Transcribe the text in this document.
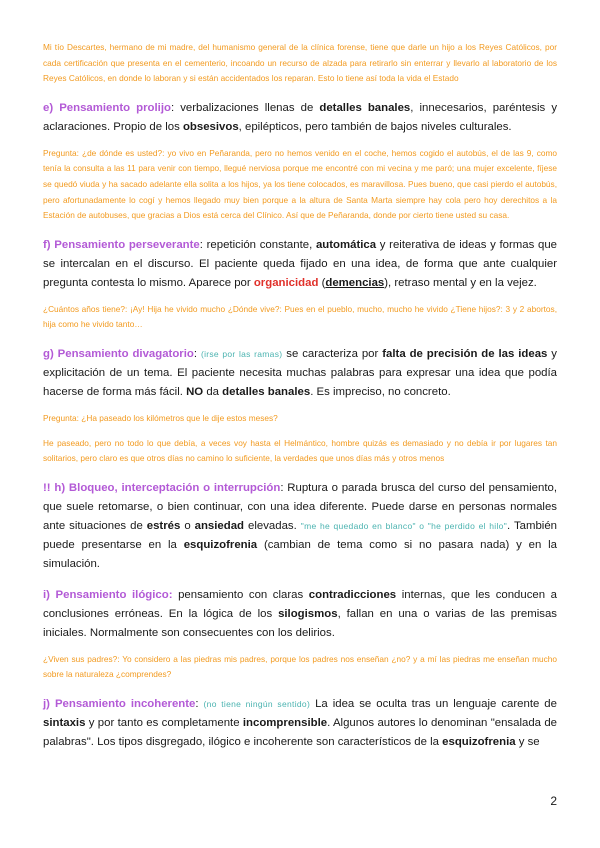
Mi tío Descartes, hermano de mi madre, del humanismo general de la clínica forense, tiene que darle un hijo a los Reyes Católicos, por cada certificación que presenta en el cementerio, incoando un recurso de alzada para retirarlo sin enterrar y llevarlo al laboratorio de los Reyes Católicos, en donde lo laboran y si están accidentados los reparan. Esto lo tiene así toda la vida el Estado

e) Pensamiento prolijo: verbalizaciones llenas de detalles banales, innecesarios, paréntesis y aclaraciones. Propio de los obsesivos, epilépticos, pero también de bajos niveles culturales.

Pregunta: ¿de dónde es usted?: yo vivo en Peñaranda, pero no hemos venido en el coche, hemos cogido el autobús, el de las 9, como tenía la consulta a las 11 para venir con tiempo, llegué nerviosa porque me encontré con mi vecina y me paró; una mujer excelente, fíjese se quedó viuda y ha sacado adelante ella solita a los hijos, ya los tiene colocados, es maravillosa. Pues bueno, que casi pierdo el autobús, pero afortunadamente lo cogí y hemos llegado muy bien porque a la altura de Santa Marta siempre hay cola pero hoy derechitos a la Estación de autobuses, que gracias a Dios está cerca del Clínico. Así que de Peñaranda, donde por cierto tiene usted su casa.

f) Pensamiento perseverante: repetición constante, automática y reiterativa de ideas y formas que se intercalan en el discurso. El paciente queda fijado en una idea, de forma que ante cualquier pregunta contesta lo mismo. Aparece por organicidad (demencias), retraso mental y en la vejez.

¿Cuántos años tiene?: ¡Ay! Hija he vivido mucho ¿Dónde vive?: Pues en el pueblo, mucho, mucho he vivido ¿Tiene hijos?: 3 y 2 abortos, hija como he vivido tanto…

g) Pensamiento divagatorio: (irse por las ramas) se caracteriza por falta de precisión de las ideas y explicitación de un tema. El paciente necesita muchas palabras para expresar una idea que podía hacerse de forma más fácil. NO da detalles banales. Es impreciso, no concreto.

Pregunta: ¿Ha paseado los kilómetros que le dije estos meses?

He paseado, pero no todo lo que debía, a veces voy hasta el Helmántico, hombre quizás es demasiado y no debía ir por lugares tan solitarios, pero claro es que otros días no camino lo suficiente, la verdades que unos días más y otros menos

!! h) Bloqueo, interceptación o interrupción: Ruptura o parada brusca del curso del pensamiento, que suele retomarse, o bien continuar, con una idea diferente. Puede darse en personas normales ante situaciones de estrés o ansiedad elevadas. "me he quedado en blanco" o "he perdido el hilo". También puede presentarse en la esquizofrenia (cambian de tema como si no pasara nada) y en la simulación.

i) Pensamiento ilógico: pensamiento con claras contradicciones internas, que les conducen a conclusiones erróneas. En la lógica de los silogismos, fallan en una o varias de las premisas iniciales. Normalmente son consecuentes con los delirios.

¿Viven sus padres?: Yo considero a las piedras mis padres, porque los padres nos enseñan ¿no? y a mí las piedras me enseñan mucho sobre la naturaleza ¿comprendes?

j) Pensamiento incoherente: (no tiene ningún sentido) La idea se oculta tras un lenguaje carente de sintaxis y por tanto es completamente incomprensible. Algunos autores lo denominan "ensalada de palabras". Los tipos disgregado, ilógico e incoherente son característicos de la esquizofrenia y se

2
